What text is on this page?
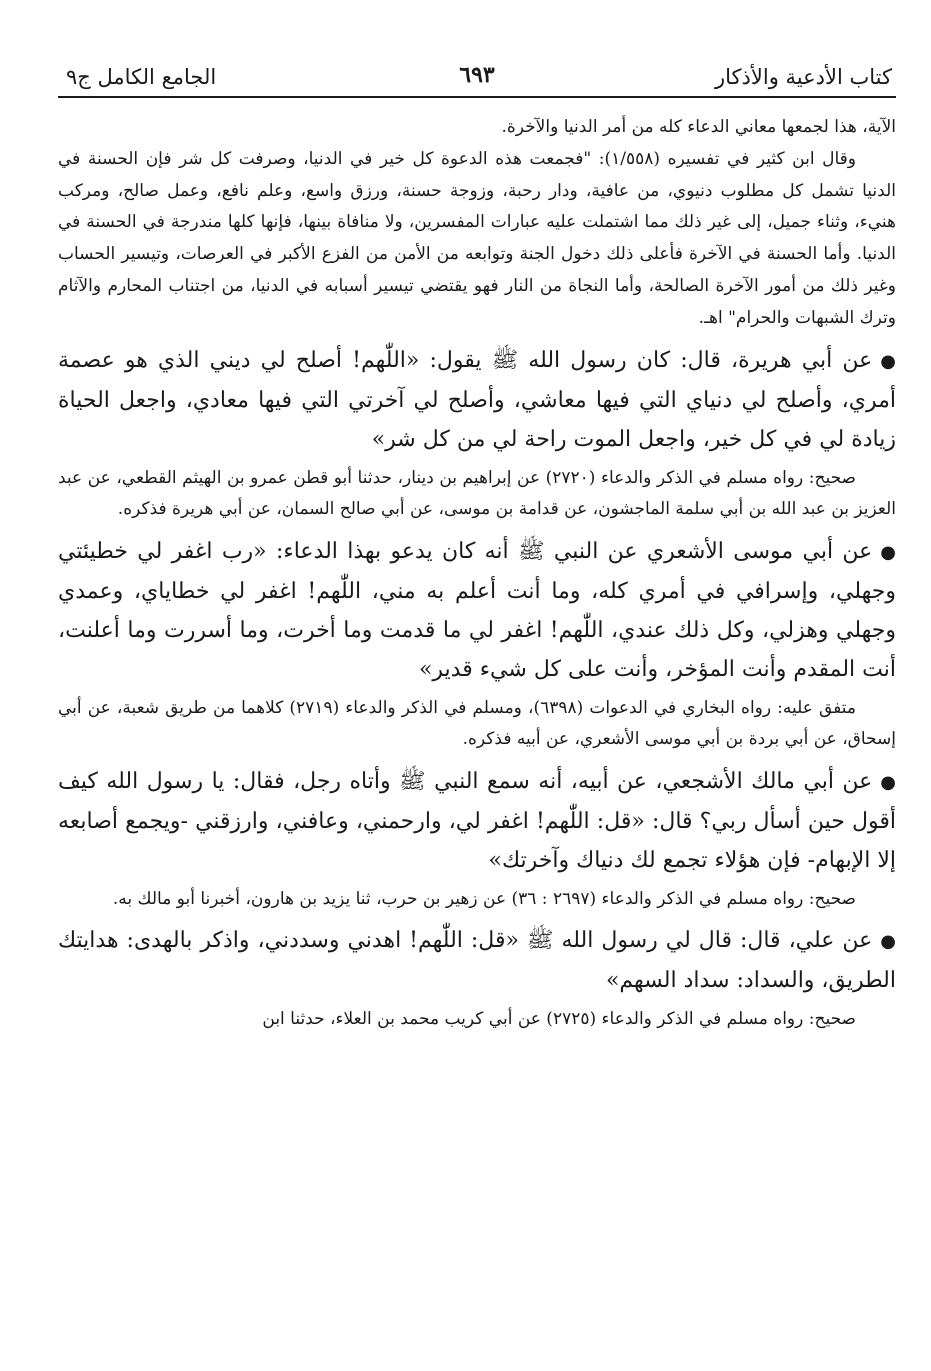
كتاب الأدعية والأذكار
٦٩٣
الجامع الكامل ج٩

الآية، هذا لجمعها معاني الدعاء كله من أمر الدنيا والآخرة.

وقال ابن كثير في تفسيره (١/٥٥٨): "فجمعت هذه الدعوة كل خير في الدنيا، وصرفت كل شر فإن الحسنة في الدنيا تشمل كل مطلوب دنيوي، من عافية، ودار رحبة، وزوجة حسنة، ورزق واسع، وعلم نافع، وعمل صالح، ومركب هنيء، وثناء جميل، إلى غير ذلك مما اشتملت عليه عبارات المفسرين، ولا منافاة بينها، فإنها كلها مندرجة في الحسنة في الدنيا. وأما الحسنة في الآخرة فأعلى ذلك دخول الجنة وتوابعه من الأمن من الفزع الأكبر في العرصات، وتيسير الحساب وغير ذلك من أمور الآخرة الصالحة، وأما النجاة من النار فهو يقتضي تيسير أسبابه في الدنيا، من اجتناب المحارم والآثام وترك الشبهات والحرام" اهـ.

●عن أبي هريرة، قال: كان رسول الله ﷺ يقول: «اللّٰهم! أصلح لي ديني الذي هو عصمة أمري، وأصلح لي دنياي التي فيها معاشي، وأصلح لي آخرتي التي فيها معادي، واجعل الحياة زيادة لي في كل خير، واجعل الموت راحة لي من كل شر»

صحيح: رواه مسلم في الذكر والدعاء (٢٧٢٠) عن إبراهيم بن دينار، حدثنا أبو قطن عمرو بن الهيثم القطعي، عن عبد العزيز بن عبد الله بن أبي سلمة الماجشون، عن قدامة بن موسى، عن أبي صالح السمان، عن أبي هريرة فذكره.

●عن أبي موسى الأشعري عن النبي ﷺ أنه كان يدعو بهذا الدعاء: «رب اغفر لي خطيئتي وجهلي، وإسرافي في أمري كله، وما أنت أعلم به مني، اللّٰهم! اغفر لي خطاياي، وعمدي وجهلي وهزلي، وكل ذلك عندي، اللّٰهم! اغفر لي ما قدمت وما أخرت، وما أسررت وما أعلنت، أنت المقدم وأنت المؤخر، وأنت على كل شيء قدير»

متفق عليه: رواه البخاري في الدعوات (٦٣٩٨)، ومسلم في الذكر والدعاء (٢٧١٩) كلاهما من طريق شعبة، عن أبي إسحاق، عن أبي بردة بن أبي موسى الأشعري، عن أبيه فذكره.

●عن أبي مالك الأشجعي، عن أبيه، أنه سمع النبي ﷺ وأتاه رجل، فقال: يا رسول الله كيف أقول حين أسأل ربي؟ قال: «قل: اللّٰهم! اغفر لي، وارحمني، وعافني، وارزقني -ويجمع أصابعه إلا الإبهام- فإن هؤلاء تجمع لك دنياك وآخرتك»

صحيح: رواه مسلم في الذكر والدعاء (٢٦٩٧ : ٣٦) عن زهير بن حرب، ثنا يزيد بن هارون، أخبرنا أبو مالك به.

●عن علي، قال: قال لي رسول الله ﷺ «قل: اللّٰهم! اهدني وسددني، واذكر بالهدى: هدايتك الطريق، والسداد: سداد السهم»

صحيح: رواه مسلم في الذكر والدعاء (٢٧٢٥) عن أبي كريب محمد بن العلاء، حدثنا ابن
